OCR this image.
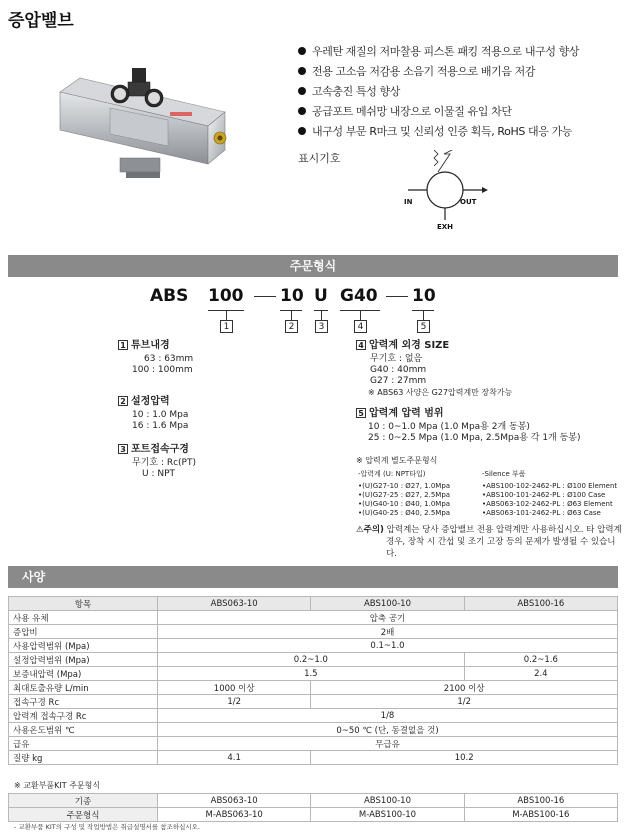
증압밸브
우레탄 재질의 저마찰용 피스톤 패킹 적용으로 내구성 향상
전용 고소음 저감용 소음기 적용으로 배기음 저감
고속충진 특성 향상
공급포트 메쉬망 내장으로 이물질 유입 차단
내구성 부문 R마크 및 신뢰성 인증 획득, RoHS 대응 가능
표시기호
IN	OUT
EXH
주문형식
ABS 100 10 U G40 10
1	2	3	4	5
1 튜브내경
63 : 63mm
100 : 100mm
2 설정압력
10 : 1.0 Mpa
16 : 1.6 Mpa
3 포트접속구경
무기호 : Rc(PT)
U : NPT
4 압력계 외경 SIZE
무기호 : 없음
G40 : 40mm
G27 : 27mm
※ ABS63 사양은 G27압력계만 장착가능
5 압력계 압력 범위
10 : 0~1.0 Mpa (1.0 Mpa용 2개 동봉)
25 : 0~2.5 Mpa (1.0 Mpa, 2.5Mpa용 각 1개 동봉)
※ 압력계 별도주문형식
-압력계 (U: NPT타입)
•(U)G27-10 : Ø27, 1.0Mpa
•(U)G27-25 : Ø27, 2.5Mpa
•(U)G40-10 : Ø40, 1.0Mpa
•(U)G40-25 : Ø40, 2.5Mpa
-Silence 부품
•ABS100-102-2462-PL : Ø100 Element
•ABS100-101-2462-PL : Ø100 Case
•ABS063-102-2462-PL : Ø63 Element
•ABS063-101-2462-PL : Ø63 Case
⚠주의) 압력계는 당사 증압밸브 전용 압력계만 사용하십시오. 타 압력계
경우, 장착 시 간섭 및 조기 고장 등의 문제가 발생될 수 있습니다.
사양
항목	ABS063-10	ABS100-10	ABS100-16
사용 유체	압축 공기		
증압비	2배		
사용압력범위 (Mpa)	0.1~1.0		
설정압력범위 (Mpa)	0.2~1.0		0.2~1.6
보증내압력 (Mpa)	1.5		2.4
최대토출유량 L/min	1000 이상	2100 이상	
접속구경 Rc	1/2	1/2	
압력계 접속구경 Rc	1/8		
사용온도범위 ℃	0~50 ℃ (단, 동결없을 것)		
급유	무급유		
질량 kg	4.1	10.2	
※ 교환부품KIT 주문형식
기종	ABS063-10	ABS100-10	ABS100-16
주문형식	M-ABS063-10	M-ABS100-10	M-ABS100-16
- 교환부품 KIT의 구성 및 작업방법은 취급설명서를 참조하십시오.
